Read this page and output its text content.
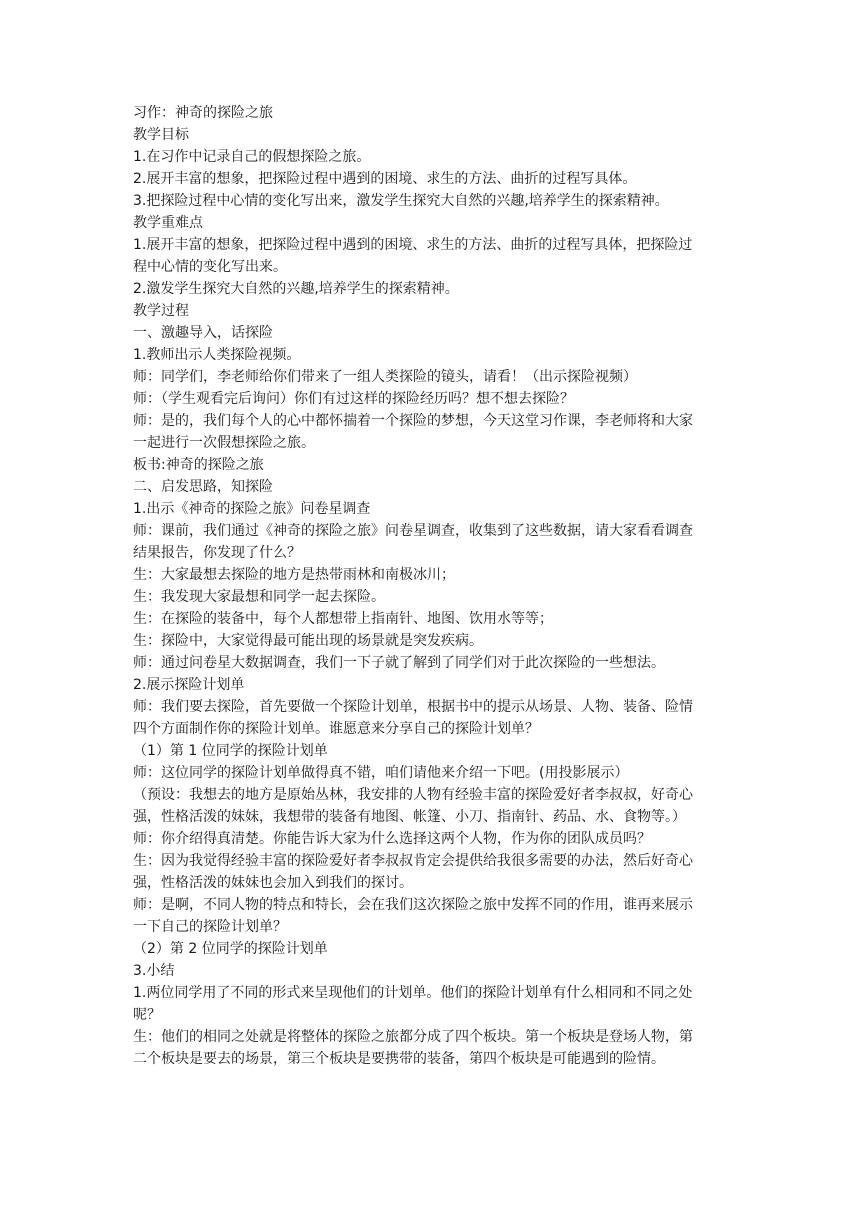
习作：神奇的探险之旅
教学目标
1.在习作中记录自己的假想探险之旅。
2.展开丰富的想象，把探险过程中遇到的困境、求生的方法、曲折的过程写具体。
3.把探险过程中心情的变化写出来，激发学生探究大自然的兴趣,培养学生的探索精神。
教学重难点
1.展开丰富的想象，把探险过程中遇到的困境、求生的方法、曲折的过程写具体，把探险过
程中心情的变化写出来。
2.激发学生探究大自然的兴趣,培养学生的探索精神。
教学过程
一、激趣导入，话探险
1.教师出示人类探险视频。
师：同学们，李老师给你们带来了一组人类探险的镜头，请看！（出示探险视频）
师：（学生观看完后询问）你们有过这样的探险经历吗？想不想去探险？
师：是的，我们每个人的心中都怀揣着一个探险的梦想，今天这堂习作课，李老师将和大家
一起进行一次假想探险之旅。
板书:神奇的探险之旅
二、启发思路，知探险
1.出示《神奇的探险之旅》问卷星调查
师：课前，我们通过《神奇的探险之旅》问卷星调查，收集到了这些数据，请大家看看调查
结果报告，你发现了什么？
生：大家最想去探险的地方是热带雨林和南极冰川；
生：我发现大家最想和同学一起去探险。
生：在探险的装备中，每个人都想带上指南针、地图、饮用水等等；
生：探险中，大家觉得最可能出现的场景就是突发疾病。
师：通过问卷星大数据调查，我们一下子就了解到了同学们对于此次探险的一些想法。
2.展示探险计划单
师：我们要去探险，首先要做一个探险计划单，根据书中的提示从场景、人物、装备、险情
四个方面制作你的探险计划单。谁愿意来分享自己的探险计划单？
（1）第 1 位同学的探险计划单
师：这位同学的探险计划单做得真不错，咱们请他来介绍一下吧。(用投影展示）
（预设：我想去的地方是原始丛林，我安排的人物有经验丰富的探险爱好者李叔叔，好奇心
强，性格活泼的妹妹，我想带的装备有地图、帐篷、小刀、指南针、药品、水、食物等。）
师：你介绍得真清楚。你能告诉大家为什么选择这两个人物，作为你的团队成员吗？
生：因为我觉得经验丰富的探险爱好者李叔叔肯定会提供给我很多需要的办法，然后好奇心
强，性格活泼的妹妹也会加入到我们的探讨。
师：是啊，不同人物的特点和特长，会在我们这次探险之旅中发挥不同的作用，谁再来展示
一下自己的探险计划单？
（2）第 2 位同学的探险计划单
3.小结
1.两位同学用了不同的形式来呈现他们的计划单。他们的探险计划单有什么相同和不同之处
呢？
生：他们的相同之处就是将整体的探险之旅都分成了四个板块。第一个板块是登场人物，第
二个板块是要去的场景，第三个板块是要携带的装备，第四个板块是可能遇到的险情。
